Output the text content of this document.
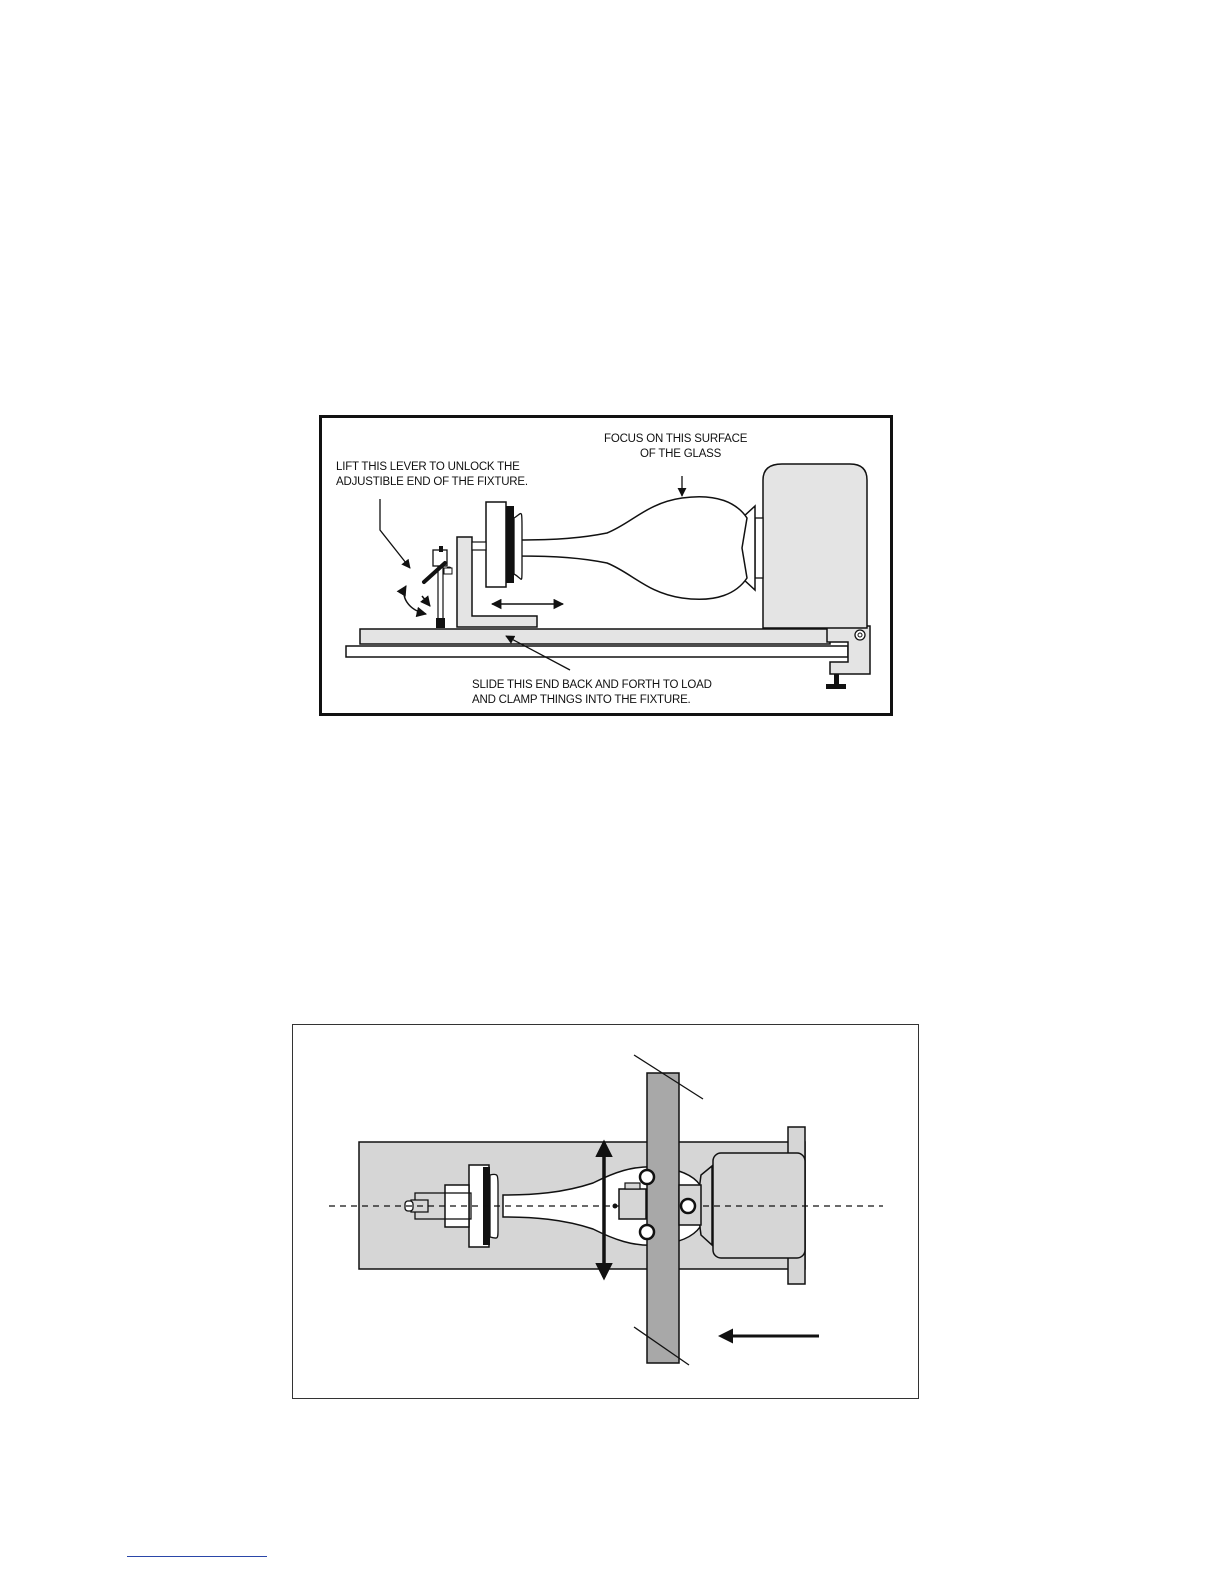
LIFT THIS LEVER TO UNLOCK THE
ADJUSTIBLE END OF THE FIXTURE.
FOCUS ON THIS SURFACE
OF THE GLASS
SLIDE THIS END BACK AND FORTH TO LOAD
AND CLAMP THINGS INTO THE FIXTURE.
